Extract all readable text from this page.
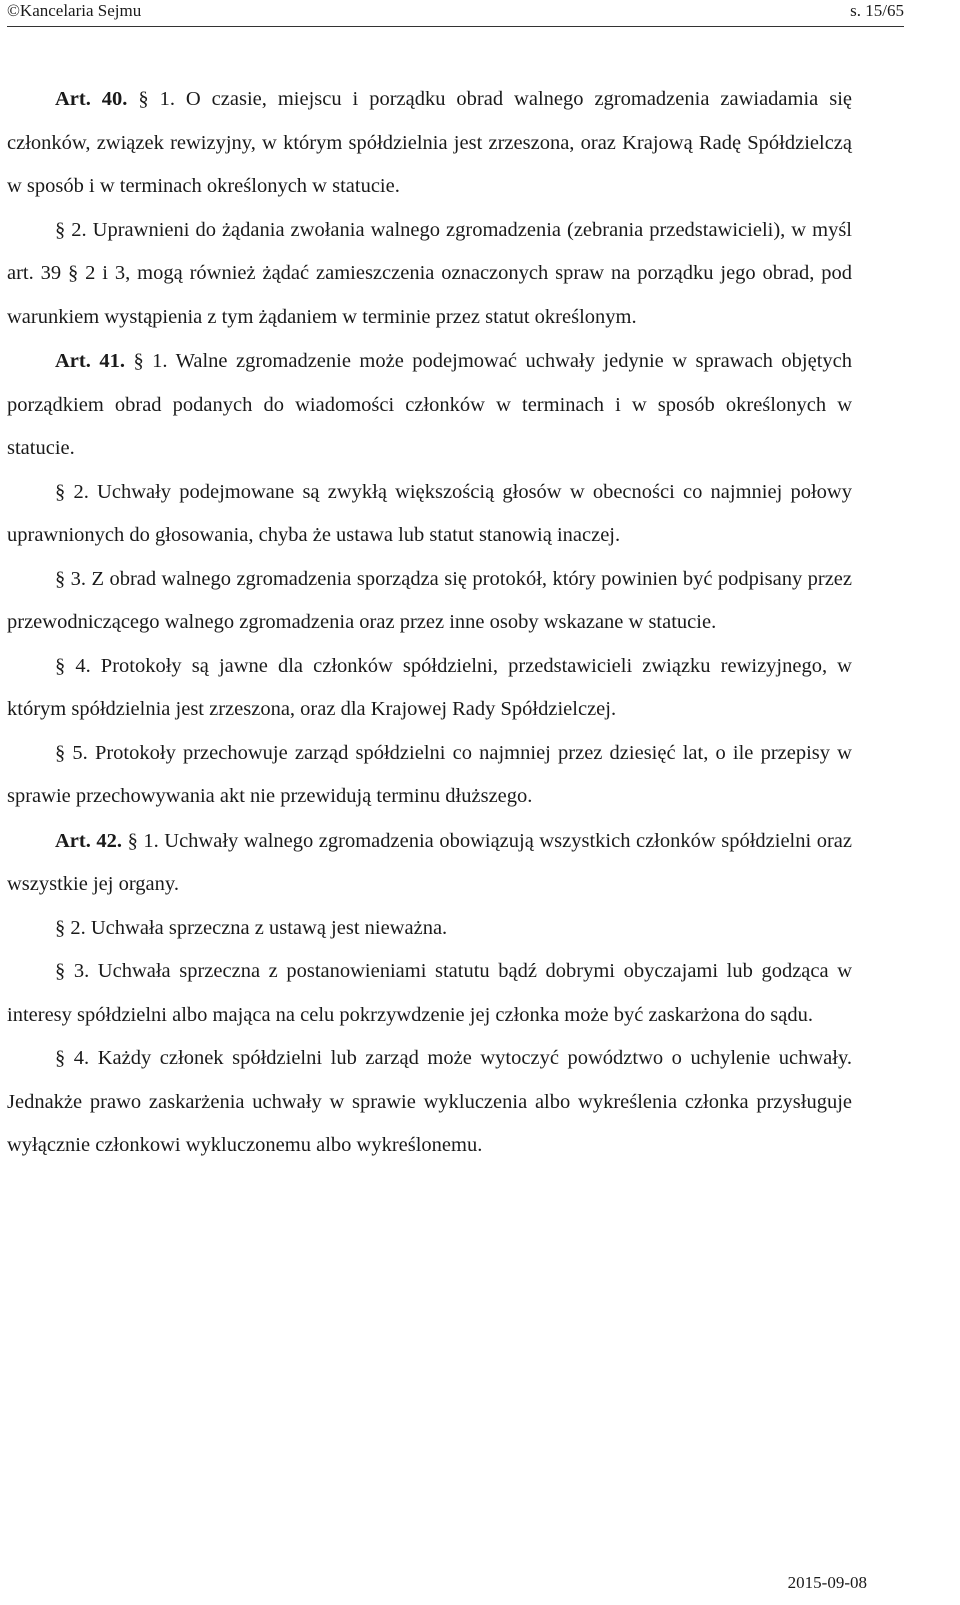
©Kancelaria Sejmu	s. 15/65

Art. 40. § 1. O czasie, miejscu i porządku obrad walnego zgromadzenia zawiadamia się członków, związek rewizyjny, w którym spółdzielnia jest zrzeszona, oraz Krajową Radę Spółdzielczą w sposób i w terminach określonych w statucie.

§ 2. Uprawnieni do żądania zwołania walnego zgromadzenia (zebrania przedstawicieli), w myśl art. 39 § 2 i 3, mogą również żądać zamieszczenia oznaczonych spraw na porządku jego obrad, pod warunkiem wystąpienia z tym żądaniem w terminie przez statut określonym.

Art. 41. § 1. Walne zgromadzenie może podejmować uchwały jedynie w sprawach objętych porządkiem obrad podanych do wiadomości członków w terminach i w sposób określonych w statucie.

§ 2. Uchwały podejmowane są zwykłą większością głosów w obecności co najmniej połowy uprawnionych do głosowania, chyba że ustawa lub statut stanowią inaczej.

§ 3. Z obrad walnego zgromadzenia sporządza się protokół, który powinien być podpisany przez przewodniczącego walnego zgromadzenia oraz przez inne osoby wskazane w statucie.

§ 4. Protokoły są jawne dla członków spółdzielni, przedstawicieli związku rewizyjnego, w którym spółdzielnia jest zrzeszona, oraz dla Krajowej Rady Spółdzielczej.

§ 5. Protokoły przechowuje zarząd spółdzielni co najmniej przez dziesięć lat, o ile przepisy w sprawie przechowywania akt nie przewidują terminu dłuższego.

Art. 42. § 1. Uchwały walnego zgromadzenia obowiązują wszystkich członków spółdzielni oraz wszystkie jej organy.

§ 2. Uchwała sprzeczna z ustawą jest nieważna.

§ 3. Uchwała sprzeczna z postanowieniami statutu bądź dobrymi obyczajami lub godząca w interesy spółdzielni albo mająca na celu pokrzywdzenie jej członka może być zaskarżona do sądu.

§ 4. Każdy członek spółdzielni lub zarząd może wytoczyć powództwo o uchylenie uchwały. Jednakże prawo zaskarżenia uchwały w sprawie wykluczenia albo wykreślenia członka przysługuje wyłącznie członkowi wykluczonemu albo wykreślonemu.

2015-09-08
